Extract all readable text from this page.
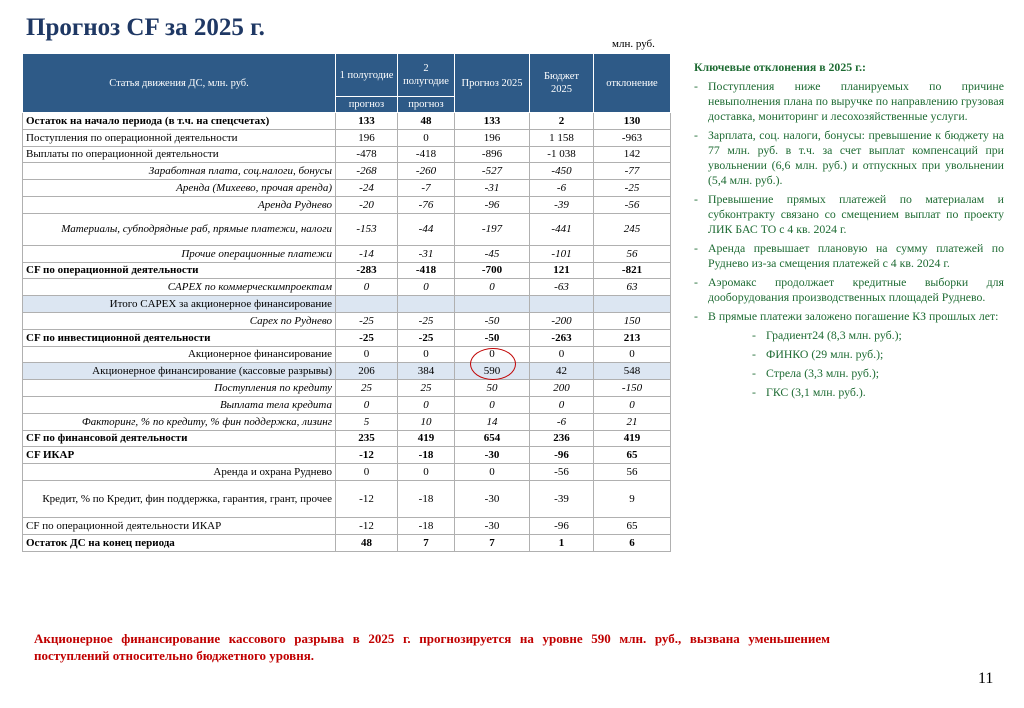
Прогноз CF за 2025 г.
млн. руб.
Статья движения ДС, млн. руб.	1 полугодие	2 полугодие	Прогноз 2025	Бюджет 2025	отклонение
	прогноз	прогноз			
Остаток на начало периода (в т.ч. на спецсчетах)	133	48	133	2	130
Поступления по операционной деятельности	196	0	196	1 158	-963
Выплаты по операционной деятельности	-478	-418	-896	-1 038	142
Заработная плата, соц.налоги, бонусы	-268	-260	-527	-450	-77
Аренда (Михеево, прочая аренда)	-24	-7	-31	-6	-25
Аренда Руднево	-20	-76	-96	-39	-56
Материалы, субподрядные раб, прямые платежи, налоги	-153	-44	-197	-441	245
Прочие операционные платежи	-14	-31	-45	-101	56
CF по операционной деятельности	-283	-418	-700	121	-821
CAPEX по коммерческимпроектам	0	0	0	-63	63
Итого CAPEX за акционерное финансирование					
Capex по Руднево	-25	-25	-50	-200	150
CF по инвестиционной деятельности	-25	-25	-50	-263	213
Акционерное финансирование	0	0	0	0	0
Акционерное финансирование (кассовые разрывы)	206	384	590	42	548
Поступления по кредиту	25	25	50	200	-150
Выплата тела кредита	0	0	0	0	0
Факторинг, % по кредиту, % фин поддержка, лизинг	5	10	14	-6	21
CF по финансовой деятельности	235	419	654	236	419
CF ИКАР	-12	-18	-30	-96	65
Аренда и охрана Руднево	0	0	0	-56	56
Кредит, % по Кредит, фин поддержка, гарантия, грант, прочее	-12	-18	-30	-39	9
CF по операционной деятельности ИКАР	-12	-18	-30	-96	65
Остаток ДС на конец периода	48	7	7	1	6
Ключевые отклонения в 2025 г.:
- Поступления ниже планируемых по причине невыполнения плана по выручке по направлению грузовая доставка, мониторинг и лесохозяйственные услуги.
- Зарплата, соц. налоги, бонусы: превышение к бюджету на 77 млн. руб. в т.ч. за счет выплат компенсаций при увольнении (6,6 млн. руб.) и отпускных при увольнении (5,4 млн. руб.).
- Превышение прямых платежей по материалам и субконтракту связано со смещением выплат по проекту ЛИК БАС ТО с 4 кв. 2024 г.
- Аренда превышает плановую на сумму платежей по Руднево из-за смещения платежей с 4 кв. 2024 г.
- Аэромакс продолжает кредитные выборки для дооборудования производственных площадей Руднево.
- В прямые платежи заложено погашение КЗ прошлых лет:
- Градиент24 (8,3 млн. руб.);
- ФИНКО (29 млн. руб.);
- Стрела (3,3 млн. руб.);
- ГКС (3,1 млн. руб.).
Акционерное финансирование кассового разрыва в 2025 г. прогнозируется на уровне 590 млн. руб., вызвана уменьшением поступлений относительно бюджетного уровня.
11
